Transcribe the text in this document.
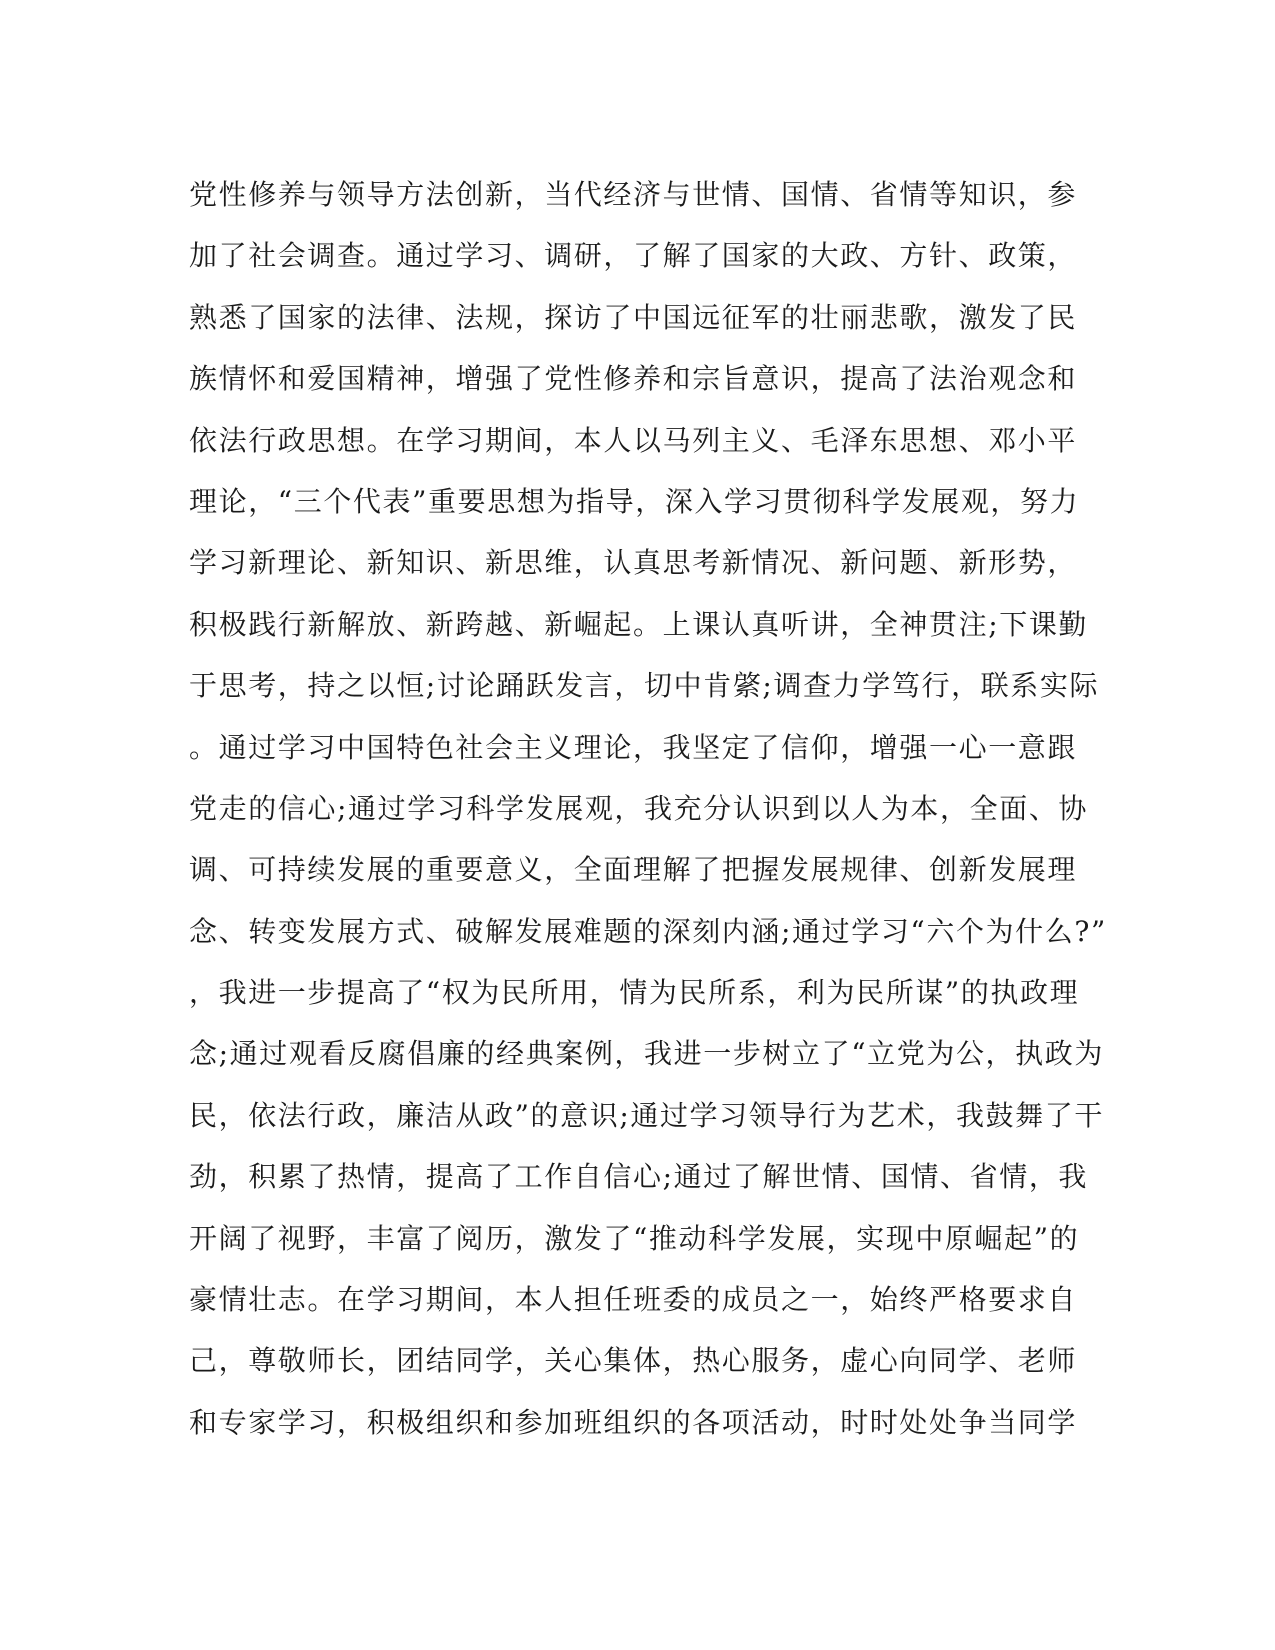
党性修养与领导方法创新，当代经济与世情、国情、省情等知识，参
加了社会调查。通过学习、调研，了解了国家的大政、方针、政策，
熟悉了国家的法律、法规，探访了中国远征军的壮丽悲歌，激发了民
族情怀和爱国精神，增强了党性修养和宗旨意识，提高了法治观念和
依法行政思想。在学习期间，本人以马列主义、毛泽东思想、邓小平
理论，“三个代表”重要思想为指导，深入学习贯彻科学发展观，努力
学习新理论、新知识、新思维，认真思考新情况、新问题、新形势，
积极践行新解放、新跨越、新崛起。上课认真听讲，全神贯注;下课勤
于思考，持之以恒;讨论踊跃发言，切中肯綮;调查力学笃行，联系实际
。通过学习中国特色社会主义理论，我坚定了信仰，增强一心一意跟
党走的信心;通过学习科学发展观，我充分认识到以人为本，全面、协
调、可持续发展的重要意义，全面理解了把握发展规律、创新发展理
念、转变发展方式、破解发展难题的深刻内涵;通过学习“六个为什么?”
，我进一步提高了“权为民所用，情为民所系，利为民所谋”的执政理
念;通过观看反腐倡廉的经典案例，我进一步树立了“立党为公，执政为
民，依法行政，廉洁从政”的意识;通过学习领导行为艺术，我鼓舞了干
劲，积累了热情，提高了工作自信心;通过了解世情、国情、省情，我
开阔了视野，丰富了阅历，激发了“推动科学发展，实现中原崛起”的
豪情壮志。在学习期间，本人担任班委的成员之一，始终严格要求自
己，尊敬师长，团结同学，关心集体，热心服务，虚心向同学、老师
和专家学习，积极组织和参加班组织的各项活动，时时处处争当同学
